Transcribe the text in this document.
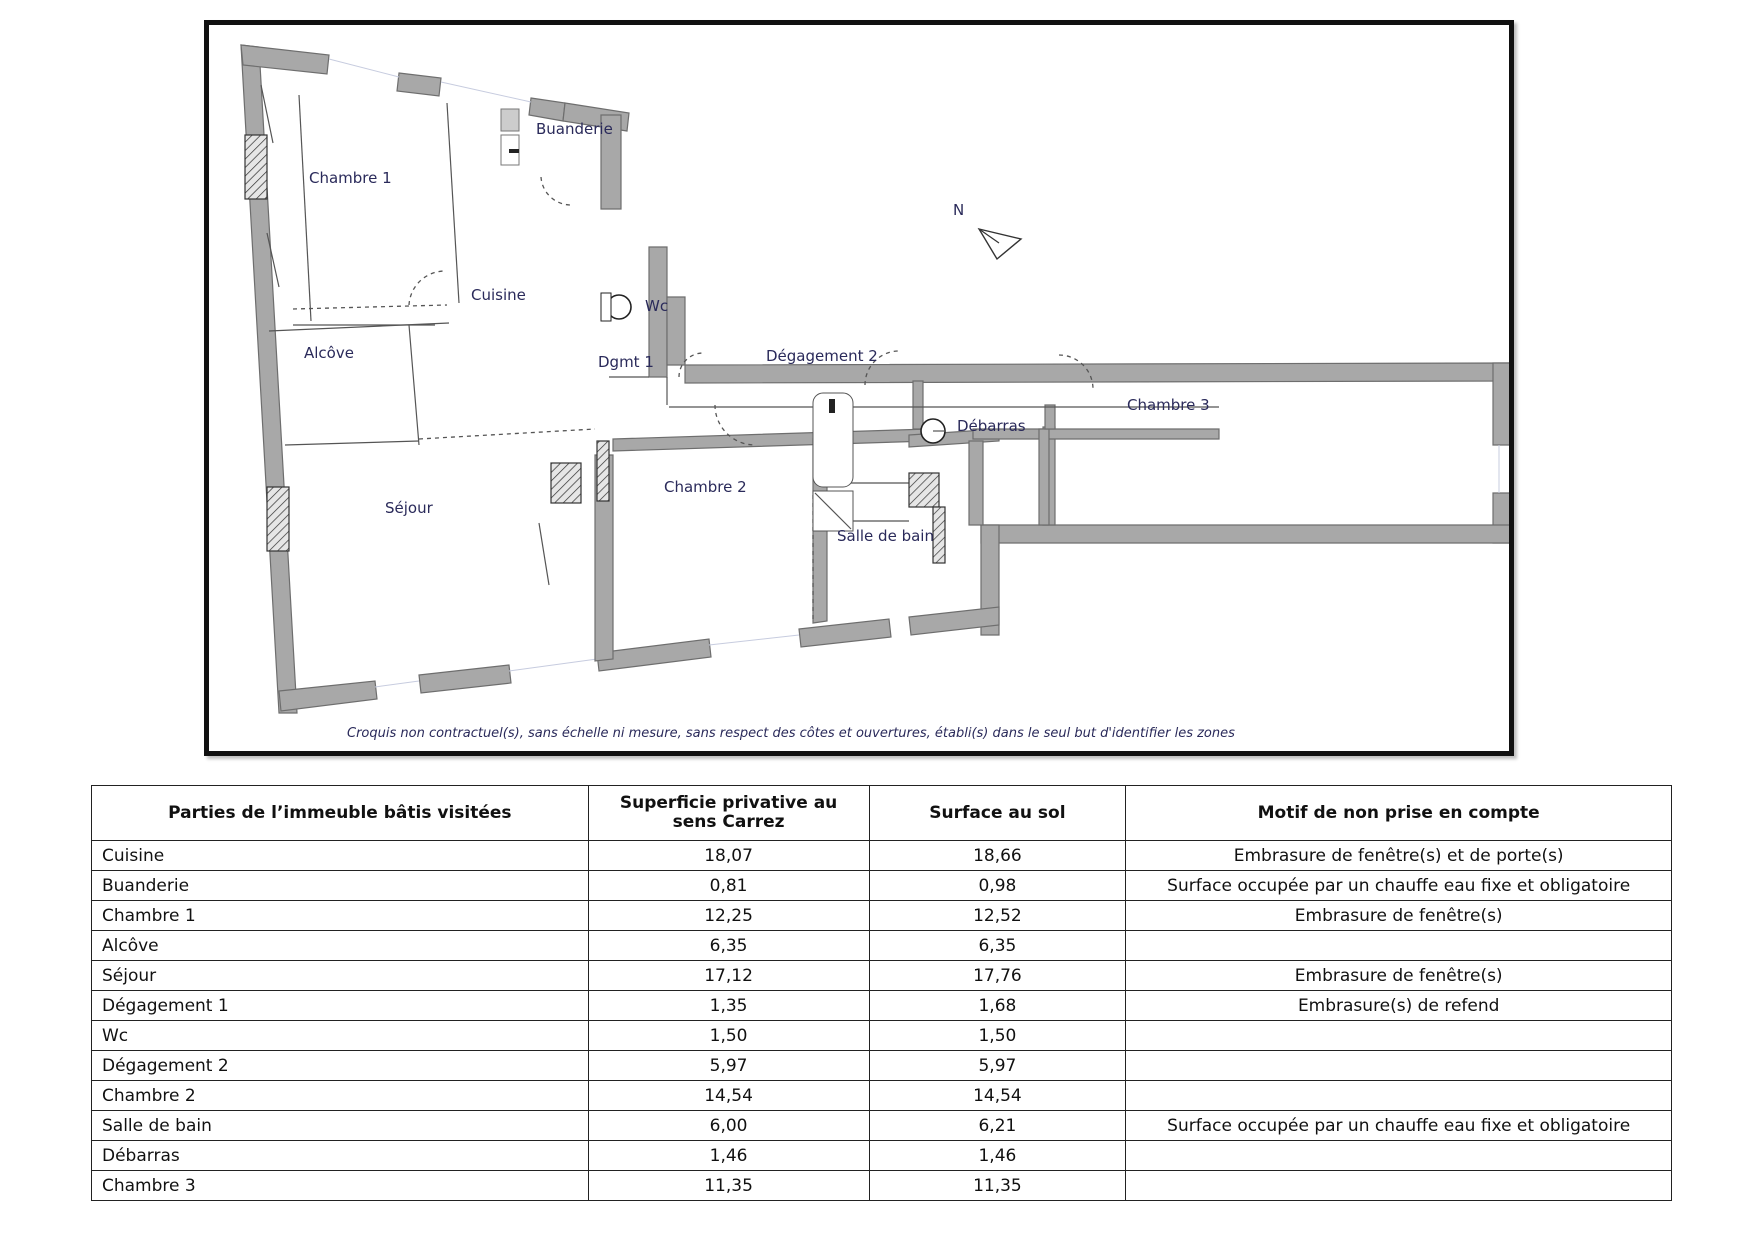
N
Chambre 1
Buanderie
Cuisine
Wc
Alcôve	Dgmt 1	Dégagement 2
Chambre 3
Débarras
Séjour
Chambre 2
Salle de bain
Croquis non contractuel(s), sans échelle ni mesure, sans respect des côtes et ouvertures, établi(s) dans le seul but d'identifier les zones
Parties de l’immeuble bâtis visitées	Superficie privative au sens Carrez	Surface au sol	Motif de non prise en compte
Cuisine	18,07	18,66	Embrasure de fenêtre(s) et de porte(s)
Buanderie	0,81	0,98	Surface occupée par un chauffe eau fixe et obligatoire
Chambre 1	12,25	12,52	Embrasure de fenêtre(s)
Alcôve	6,35	6,35	
Séjour	17,12	17,76	Embrasure de fenêtre(s)
Dégagement 1	1,35	1,68	Embrasure(s) de refend
Wc	1,50	1,50	
Dégagement 2	5,97	5,97	
Chambre 2	14,54	14,54	
Salle de bain	6,00	6,21	Surface occupée par un chauffe eau fixe et obligatoire
Débarras	1,46	1,46	
Chambre 3	11,35	11,35	
